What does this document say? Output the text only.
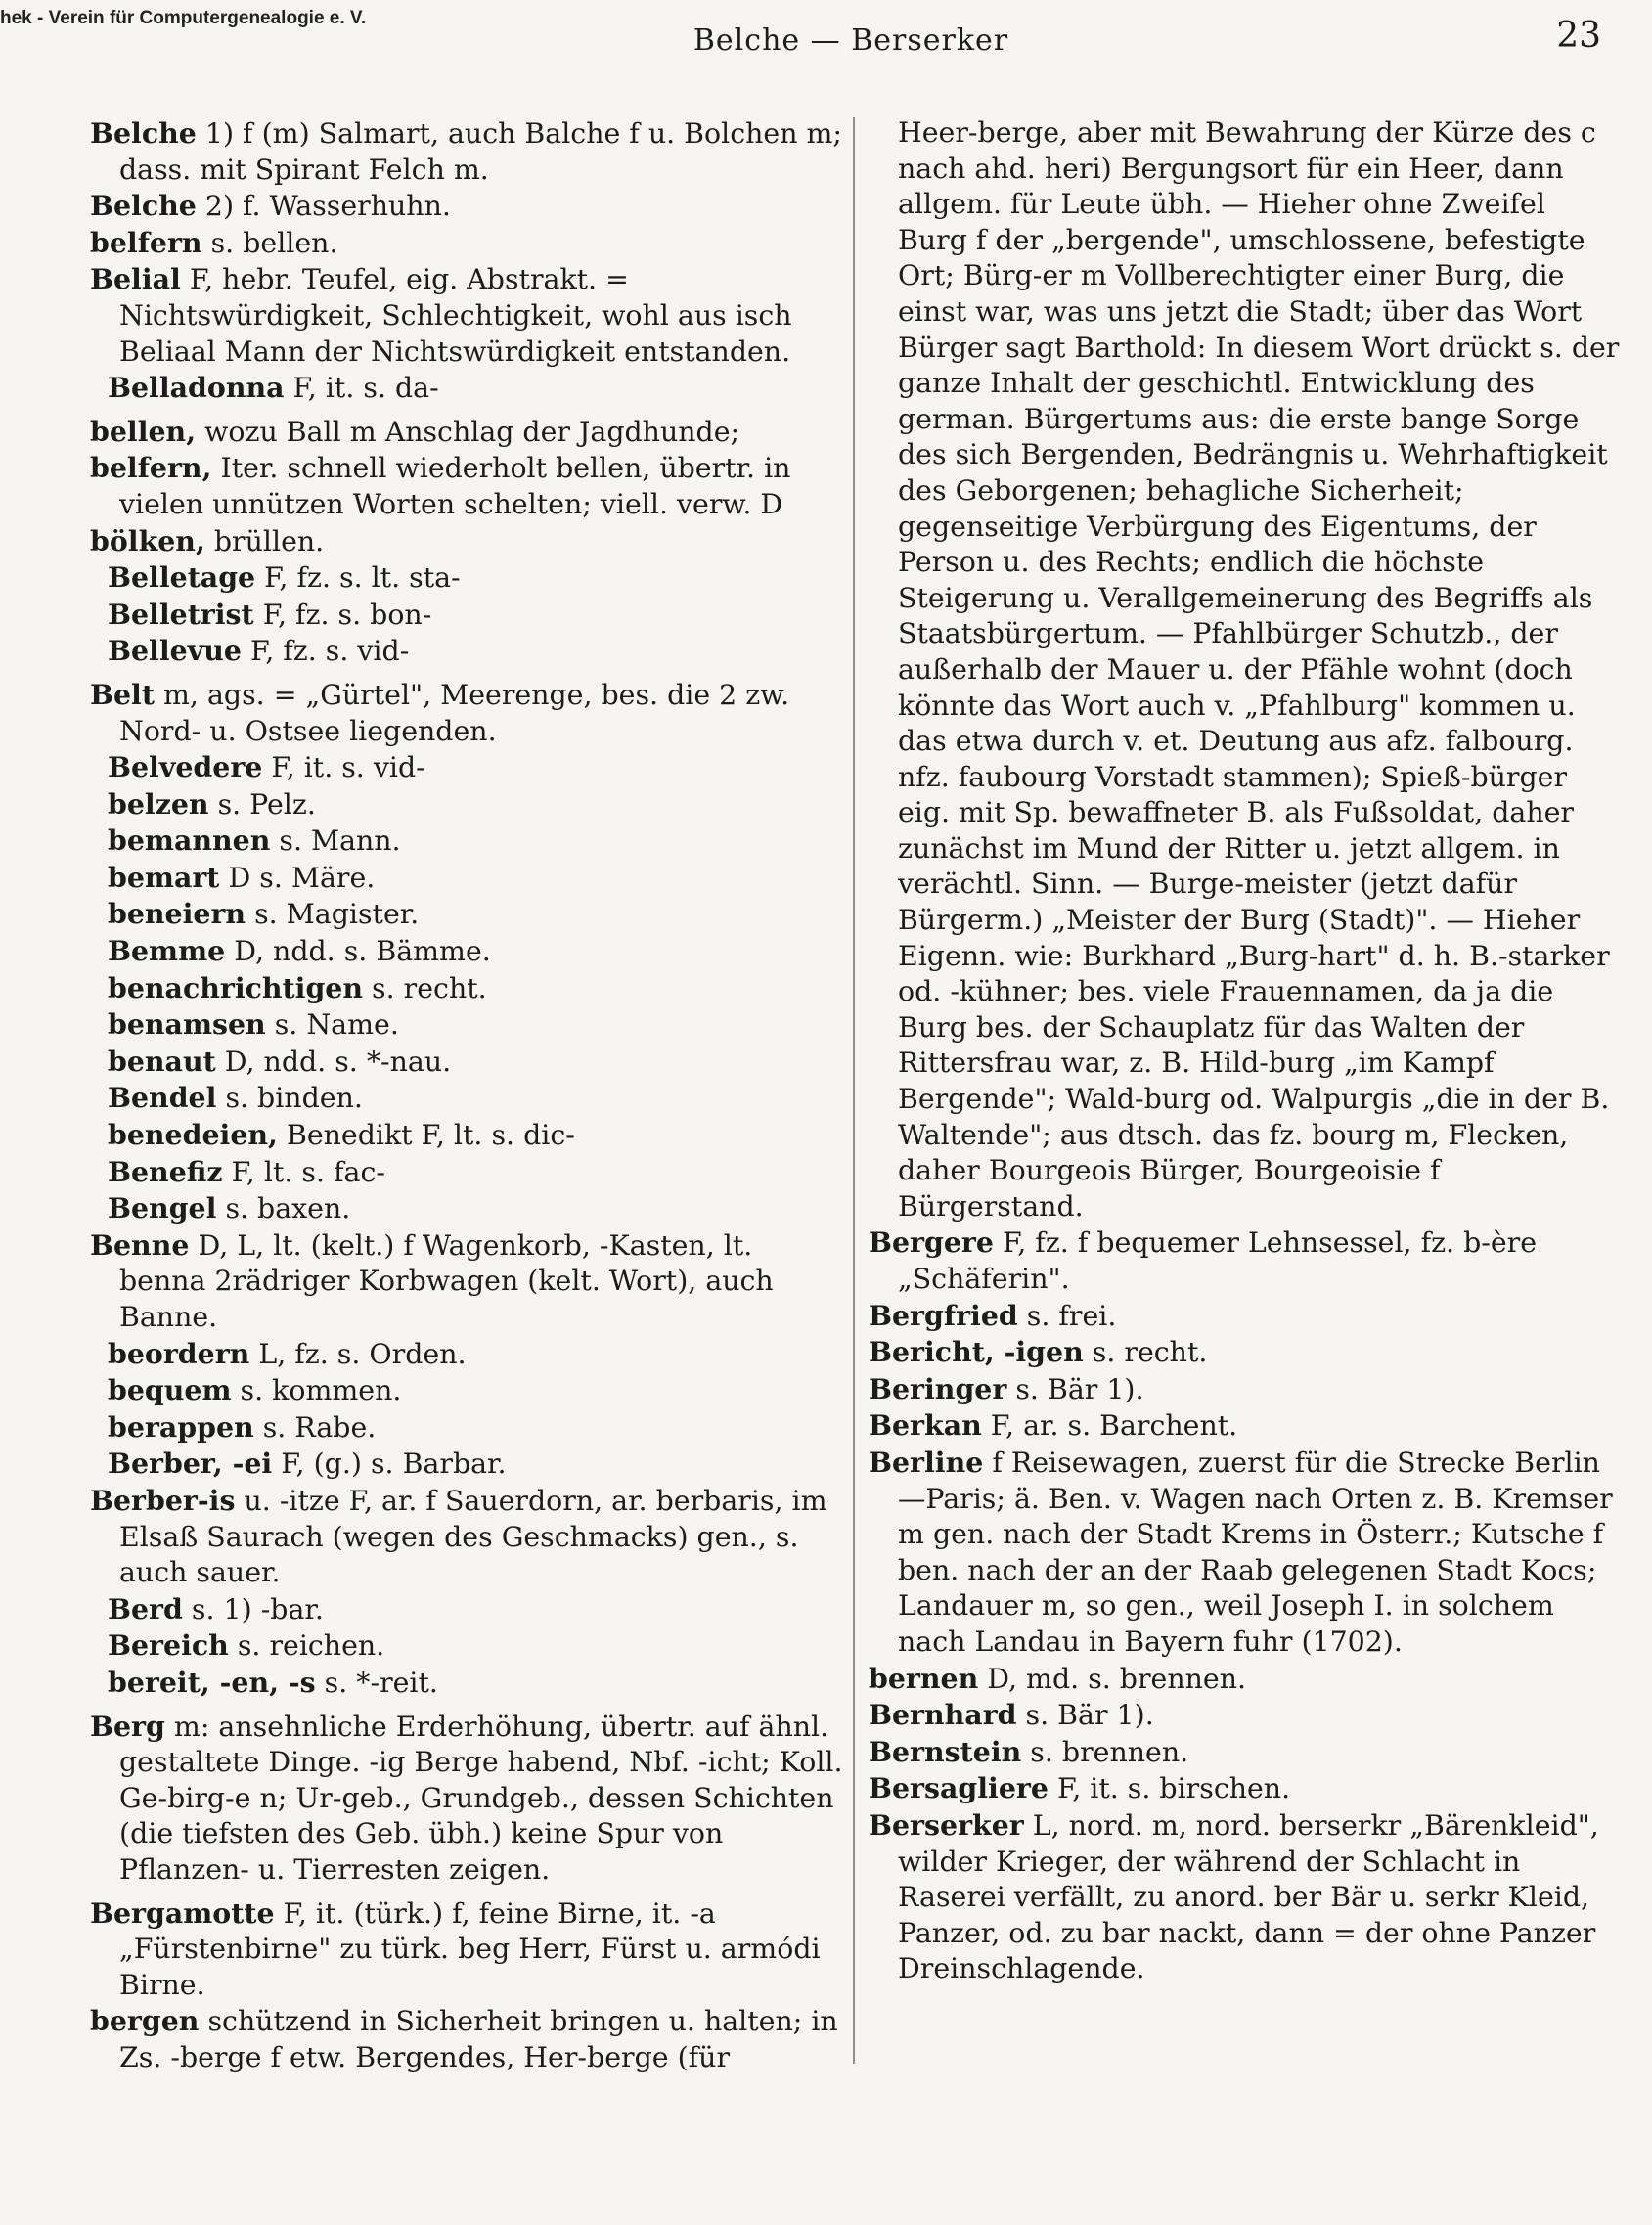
hek - Verein für Computergenealogie e. V.
Belche — Berserker	23

Belche 1) f (m) Salmart, auch Balche f u. Bolchen m; dass. mit Spirant Felch m.

Belche 2) f. Wasserhuhn.

belfern s. bellen.

Belial F, hebr. Teufel, eig. Abstrakt. = Nichtswürdigkeit, Schlechtigkeit, wohl aus isch Beliaal Mann der Nichtswürdigkeit entstanden.

Belladonna F, it. s. da-

bellen, wozu Ball m Anschlag der Jagdhunde;

belfern, Iter. schnell wiederholt bellen, übertr. in vielen unnützen Worten schelten; viell. verw. D

bölken, brüllen.

Belletage F, fz. s. lt. sta-

Belletrist F, fz. s. bon-

Bellevue F, fz. s. vid-

Belt m, ags. = „Gürtel", Meerenge, bes. die 2 zw. Nord- u. Ostsee liegenden.

Belvedere F, it. s. vid-

belzen s. Pelz.

bemannen s. Mann.

bemart D s. Märe.

beneiern s. Magister.

Bemme D, ndd. s. Bämme.

benachrichtigen s. recht.

benamsen s. Name.

benaut D, ndd. s. *-nau.

Bendel s. binden.

benedeien, Benedikt F, lt. s. dic-

Benefiz F, lt. s. fac-

Bengel s. baxen.

Benne D, L, lt. (kelt.) f Wagenkorb, -Kasten, lt. benna 2rädriger Korbwagen (kelt. Wort), auch Banne.

beordern L, fz. s. Orden.

bequem s. kommen.

berappen s. Rabe.

Berber, -ei F, (g.) s. Barbar.

Berber-is u. -itze F, ar. f Sauerdorn, ar. berbaris, im Elsaß Saurach (wegen des Geschmacks) gen., s. auch sauer.

Berd s. 1) -bar.

Bereich s. reichen.

bereit, -en, -s s. *-reit.

Berg m: ansehnliche Erderhöhung, übertr. auf ähnl. gestaltete Dinge. -ig Berge habend, Nbf. -icht; Koll. Ge-birg-e n; Ur-geb., Grundgeb., dessen Schichten (die tiefsten des Geb. übh.) keine Spur von Pflanzen- u. Tierresten zeigen.

Bergamotte F, it. (türk.) f, feine Birne, it. -a „Fürstenbirne" zu türk. beg Herr, Fürst u. armódi Birne.

bergen schützend in Sicherheit bringen u. halten; in Zs. -berge f etw. Bergendes, Her-berge (für

Heer-berge, aber mit Bewahrung der Kürze des c nach ahd. heri) Bergungsort für ein Heer, dann allgem. für Leute übh. — Hieher ohne Zweifel Burg f der „bergende", umschlossene, befestigte Ort; Bürg-er m Vollberechtigter einer Burg, die einst war, was uns jetzt die Stadt; über das Wort Bürger sagt Barthold: In diesem Wort drückt s. der ganze Inhalt der geschichtl. Entwicklung des german. Bürgertums aus: die erste bange Sorge des sich Bergenden, Bedrängnis u. Wehrhaftigkeit des Geborgenen; behagliche Sicherheit; gegenseitige Verbürgung des Eigentums, der Person u. des Rechts; endlich die höchste Steigerung u. Verallgemeinerung des Begriffs als Staatsbürgertum. — Pfahlbürger Schutzb., der außerhalb der Mauer u. der Pfähle wohnt (doch könnte das Wort auch v. „Pfahlburg" kommen u. das etwa durch v. et. Deutung aus afz. falbourg. nfz. faubourg Vorstadt stammen); Spieß-bürger eig. mit Sp. bewaffneter B. als Fußsoldat, daher zunächst im Mund der Ritter u. jetzt allgem. in verächtl. Sinn. — Burge-meister (jetzt dafür Bürgerm.) „Meister der Burg (Stadt)". — Hieher Eigenn. wie: Burkhard „Burg-hart" d. h. B.-starker od. -kühner; bes. viele Frauennamen, da ja die Burg bes. der Schauplatz für das Walten der Rittersfrau war, z. B. Hild-burg „im Kampf Bergende"; Wald-burg od. Walpurgis „die in der B. Waltende"; aus dtsch. das fz. bourg m, Flecken, daher Bourgeois Bürger, Bourgeoisie f Bürgerstand.

Bergere F, fz. f bequemer Lehnsessel, fz. b-ère „Schäferin".

Bergfried s. frei.

Bericht, -igen s. recht.

Beringer s. Bär 1).

Berkan F, ar. s. Barchent.

Berline f Reisewagen, zuerst für die Strecke Berlin—Paris; ä. Ben. v. Wagen nach Orten z. B. Kremser m gen. nach der Stadt Krems in Österr.; Kutsche f ben. nach der an der Raab gelegenen Stadt Kocs; Landauer m, so gen., weil Joseph I. in solchem nach Landau in Bayern fuhr (1702).

bernen D, md. s. brennen.

Bernhard s. Bär 1).

Bernstein s. brennen.

Bersagliere F, it. s. birschen.

Berserker L, nord. m, nord. berserkr „Bärenkleid", wilder Krieger, der während der Schlacht in Raserei verfällt, zu anord. ber Bär u. serkr Kleid, Panzer, od. zu bar nackt, dann = der ohne Panzer Dreinschlagende.
